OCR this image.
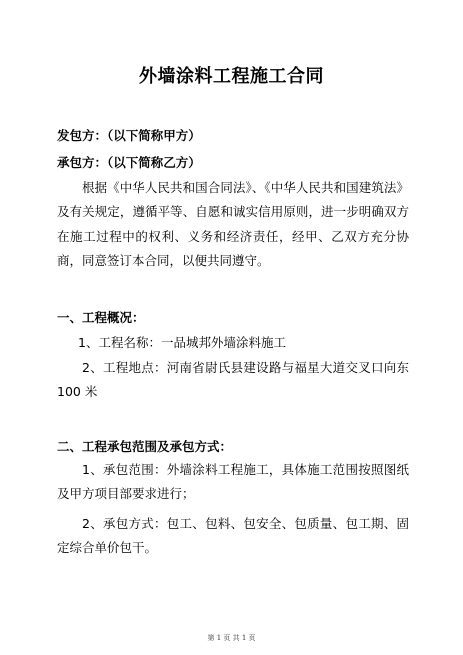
外墙涂料工程施工合同
发包方：（以下简称甲方）
承包方：（以下简称乙方）
根据《中华人民共和国合同法》、《中华人民共和国建筑法》及有关规定，遵循平等、自愿和诚实信用原则，进一步明确双方在施工过程中的权利、义务和经济责任，经甲、乙双方充分协商，同意签订本合同，以便共同遵守。
一、工程概况：
1、工程名称：一品城邦外墙涂料施工
2、工程地点：河南省尉氏县建设路与福星大道交叉口向东 100 米
二、工程承包范围及承包方式：
1、承包范围：外墙涂料工程施工，具体施工范围按照图纸及甲方项目部要求进行；
2、承包方式：包工、包料、包安全、包质量、包工期、固定综合单价包干。
第 1 页 共 1 页
